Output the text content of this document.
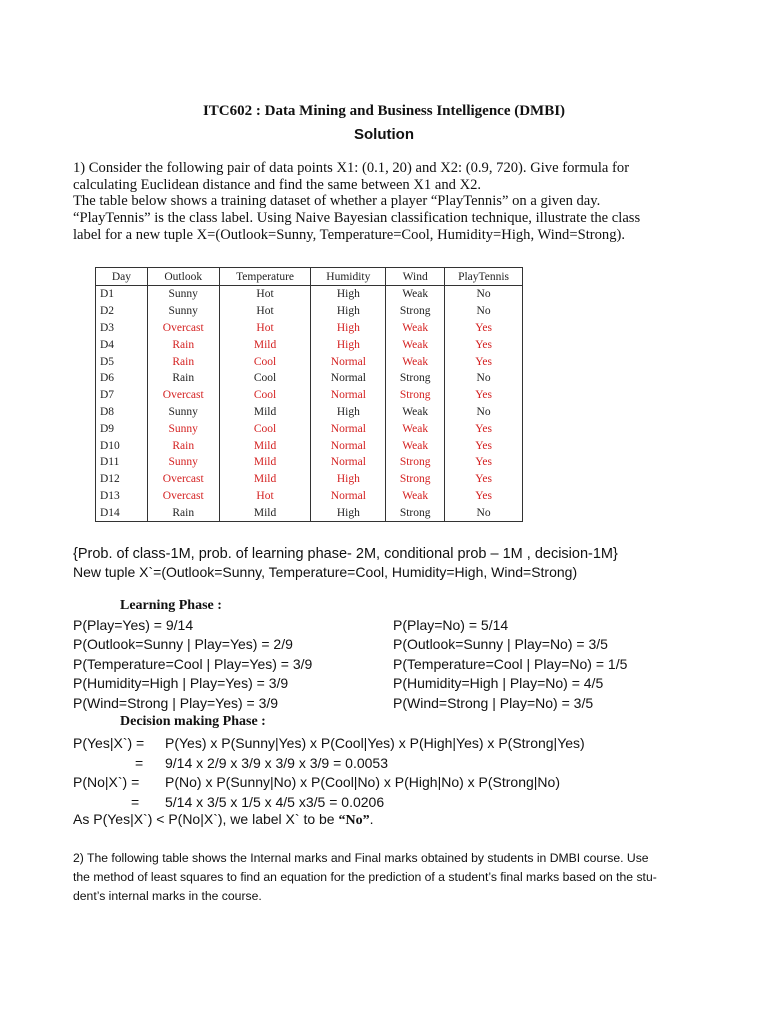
ITC602 : Data Mining and Business Intelligence (DMBI)
Solution
1) Consider the following pair of data points X1: (0.1, 20) and X2: (0.9, 720). Give formula for
calculating Euclidean distance and find the same between X1 and X2.
The table below shows a training dataset of whether a player “PlayTennis” on a given day.
“PlayTennis” is the class label. Using Naive Bayesian classification technique, illustrate the class
label for a new tuple X=(Outlook=Sunny, Temperature=Cool, Humidity=High, Wind=Strong).
Day	Outlook	Temperature	Humidity	Wind	PlayTennis
D1	Sunny	Hot	High	Weak	No
D2	Sunny	Hot	High	Strong	No
D3	Overcast	Hot	High	Weak	Yes
D4	Rain	Mild	High	Weak	Yes
D5	Rain	Cool	Normal	Weak	Yes
D6	Rain	Cool	Normal	Strong	No
D7	Overcast	Cool	Normal	Strong	Yes
D8	Sunny	Mild	High	Weak	No
D9	Sunny	Cool	Normal	Weak	Yes
D10	Rain	Mild	Normal	Weak	Yes
D11	Sunny	Mild	Normal	Strong	Yes
D12	Overcast	Mild	High	Strong	Yes
D13	Overcast	Hot	Normal	Weak	Yes
D14	Rain	Mild	High	Strong	No
{Prob. of class-1M, prob. of learning phase- 2M, conditional prob – 1M , decision-1M}
New tuple X`=(Outlook=Sunny, Temperature=Cool, Humidity=High, Wind=Strong)
Learning Phase :
P(Play=Yes) = 9/14
P(Outlook=Sunny | Play=Yes) = 2/9
P(Temperature=Cool | Play=Yes) = 3/9
P(Humidity=High | Play=Yes) = 3/9
P(Wind=Strong | Play=Yes) = 3/9
P(Play=No) = 5/14
P(Outlook=Sunny | Play=No) = 3/5
P(Temperature=Cool | Play=No) = 1/5
P(Humidity=High | Play=No) = 4/5
P(Wind=Strong | Play=No) = 3/5
Decision making Phase :
P(Yes|X`) = P(Yes) x P(Sunny|Yes) x P(Cool|Yes) x P(High|Yes) x P(Strong|Yes)
= 9/14 x 2/9 x 3/9 x 3/9 x 3/9 = 0.0053
P(No|X`) = P(No) x P(Sunny|No) x P(Cool|No) x P(High|No) x P(Strong|No)
= 5/14 x 3/5 x 1/5 x 4/5 x3/5 = 0.0206
As P(Yes|X`) < P(No|X`), we label X` to be “No”.
2) The following table shows the Internal marks and Final marks obtained by students in DMBI course. Use
the method of least squares to find an equation for the prediction of a student’s final marks based on the stu-
dent’s internal marks in the course.
